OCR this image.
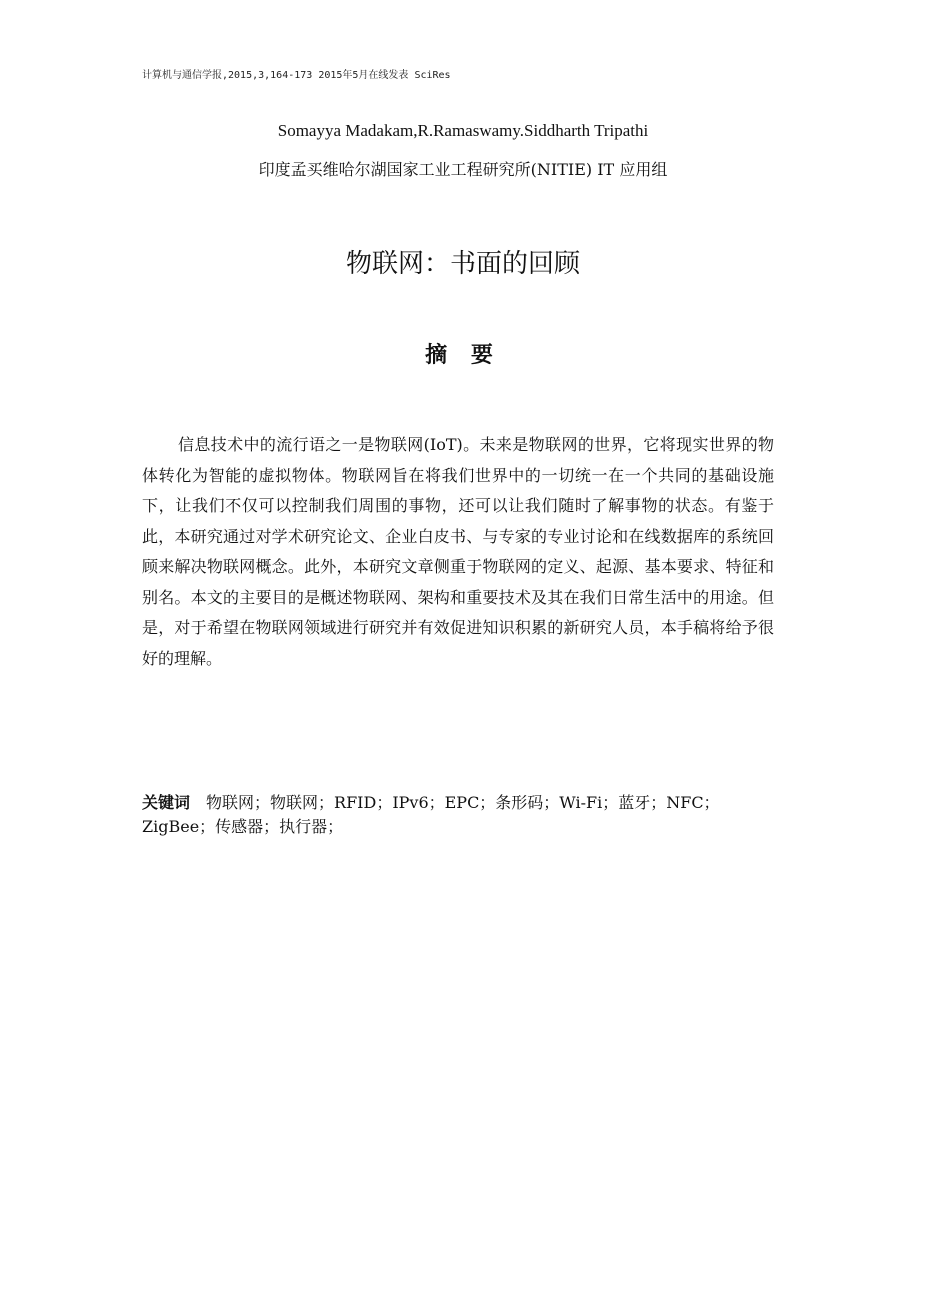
计算机与通信学报,2015,3,164-173 2015年5月在线发表 SciRes
Somayya Madakam,R.Ramaswamy.Siddharth Tripathi
印度孟买维哈尔湖国家工业工程研究所(NITIE) IT 应用组
物联网：书面的回顾
摘 要

信息技术中的流行语之一是物联网(IoT)。未来是物联网的世界，它将现实世界的物体转化为智能的虚拟物体。物联网旨在将我们世界中的一切统一在一个共同的基础设施下，让我们不仅可以控制我们周围的事物，还可以让我们随时了解事物的状态。有鉴于此，本研究通过对学术研究论文、企业白皮书、与专家的专业讨论和在线数据库的系统回顾来解决物联网概念。此外，本研究文章侧重于物联网的定义、起源、基本要求、特征和别名。本文的主要目的是概述物联网、架构和重要技术及其在我们日常生活中的用途。但是，对于希望在物联网领域进行研究并有效促进知识积累的新研究人员，本手稿将给予很好的理解。

关键词 物联网；物联网；RFID；IPv6；EPC；条形码；Wi-Fi；蓝牙；NFC；ZigBee；传感器；执行器；
